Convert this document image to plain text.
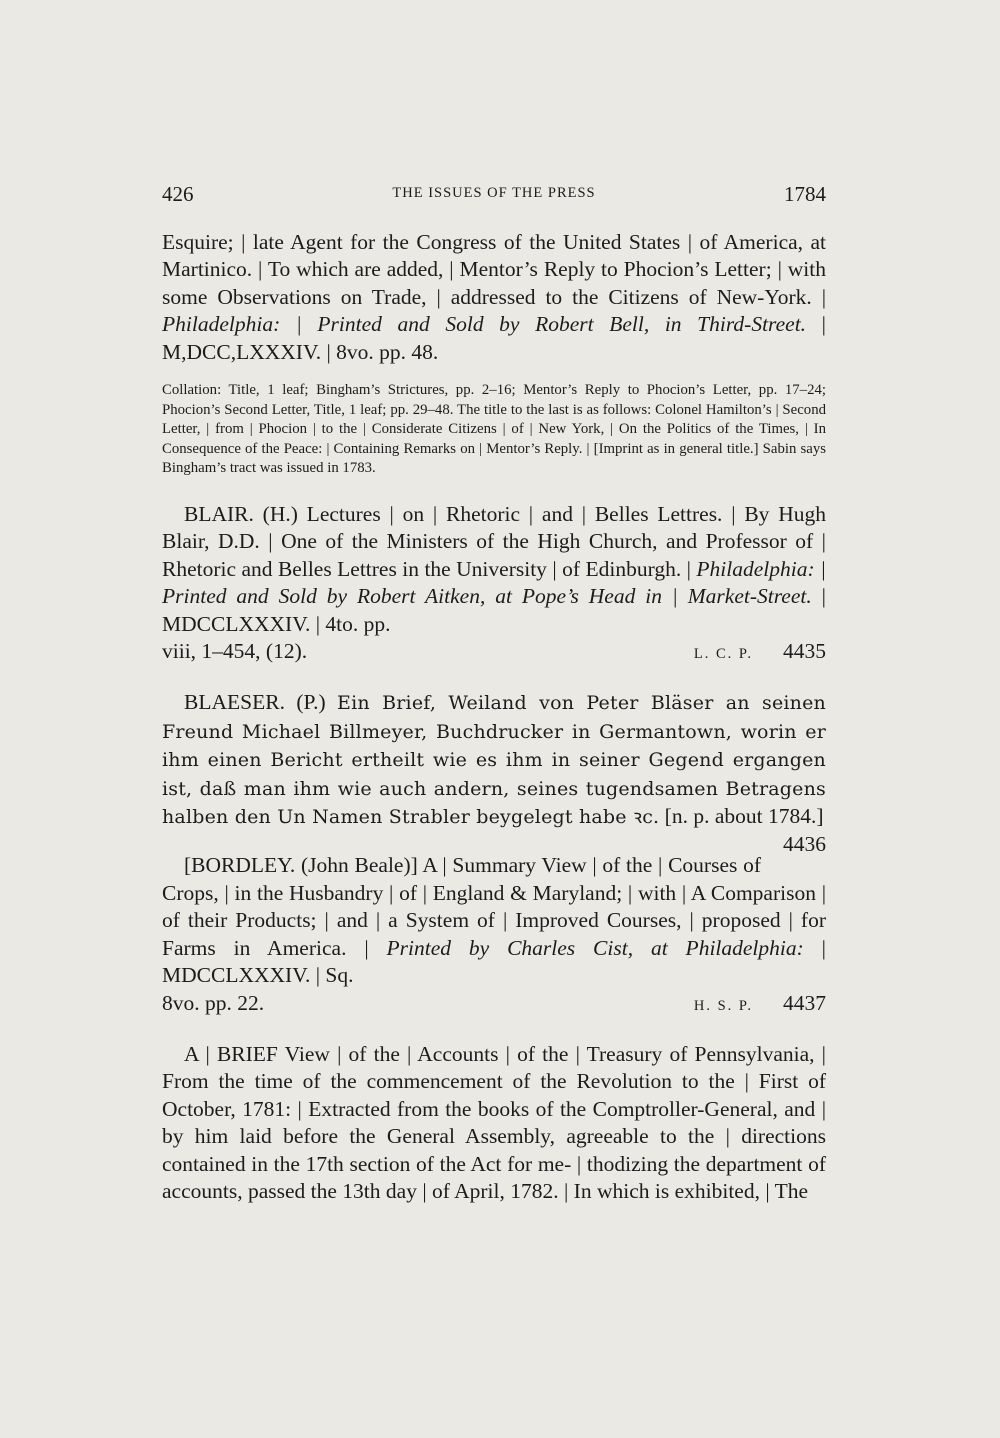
426	THE ISSUES OF THE PRESS	1784

Esquire; | late Agent for the Congress of the United States | of America, at Martinico. | To which are added, | Mentor’s Reply to Phocion’s Letter; | with some Observations on Trade, | addressed to the Citizens of New-York. | Philadelphia: | Printed and Sold by Robert Bell, in Third-Street. | M,DCC,LXXXIV. | 8vo. pp. 48.

Collation: Title, 1 leaf; Bingham’s Strictures, pp. 2–16; Mentor’s Reply to Phocion’s Letter, pp. 17–24; Phocion’s Second Letter, Title, 1 leaf; pp. 29–48. The title to the last is as follows: Colonel Hamilton’s | Second Letter, | from | Phocion | to the | Considerate Citizens | of | New York, | On the Politics of the Times, | In Consequence of the Peace: | Containing Remarks on | Mentor’s Reply. | [Imprint as in general title.] Sabin says Bingham’s tract was issued in 1783.

BLAIR. (H.) Lectures | on | Rhetoric | and | Belles Lettres. | By Hugh Blair, D.D. | One of the Ministers of the High Church, and Professor of | Rhetoric and Belles Lettres in the University | of Edinburgh. | Philadelphia: | Printed and Sold by Robert Aitken, at Pope’s Head in | Market-Street. | MDCCLXXXIV. | 4to. pp.

viii, 1–454, (12).	L. C. P. 4435

BLAESER. (P.) Ein Brief, Weiland von Peter Bläser an seinen Freund Michael Billmeyer, Buchdrucker in Germantown, worin er ihm einen Bericht ertheilt wie es ihm in seiner Gegend ergangen ist, daß man ihm wie auch andern, seines tugendsamen Betragens halben den Un Namen Strabler beygelegt habe ꝛc. [n. p. about 1784.]
4436

[BORDLEY. (John Beale)] A | Summary View | of the | Courses of Crops, | in the Husbandry | of | England & Maryland; | with | A Comparison | of their Products; | and | a System of | Improved Courses, | proposed | for Farms in America. | Printed by Charles Cist, at Philadelphia: | MDCCLXXXIV. | Sq.

8vo. pp. 22.	H. S. P. 4437

A | BRIEF View | of the | Accounts | of the | Treasury of Pennsylvania, | From the time of the commencement of the Revolution to the | First of October, 1781: | Extracted from the books of the Comptroller-General, and | by him laid before the General Assembly, agreeable to the | directions contained in the 17th section of the Act for me- | thodizing the department of accounts, passed the 13th day | of April, 1782. | In which is exhibited, | The
